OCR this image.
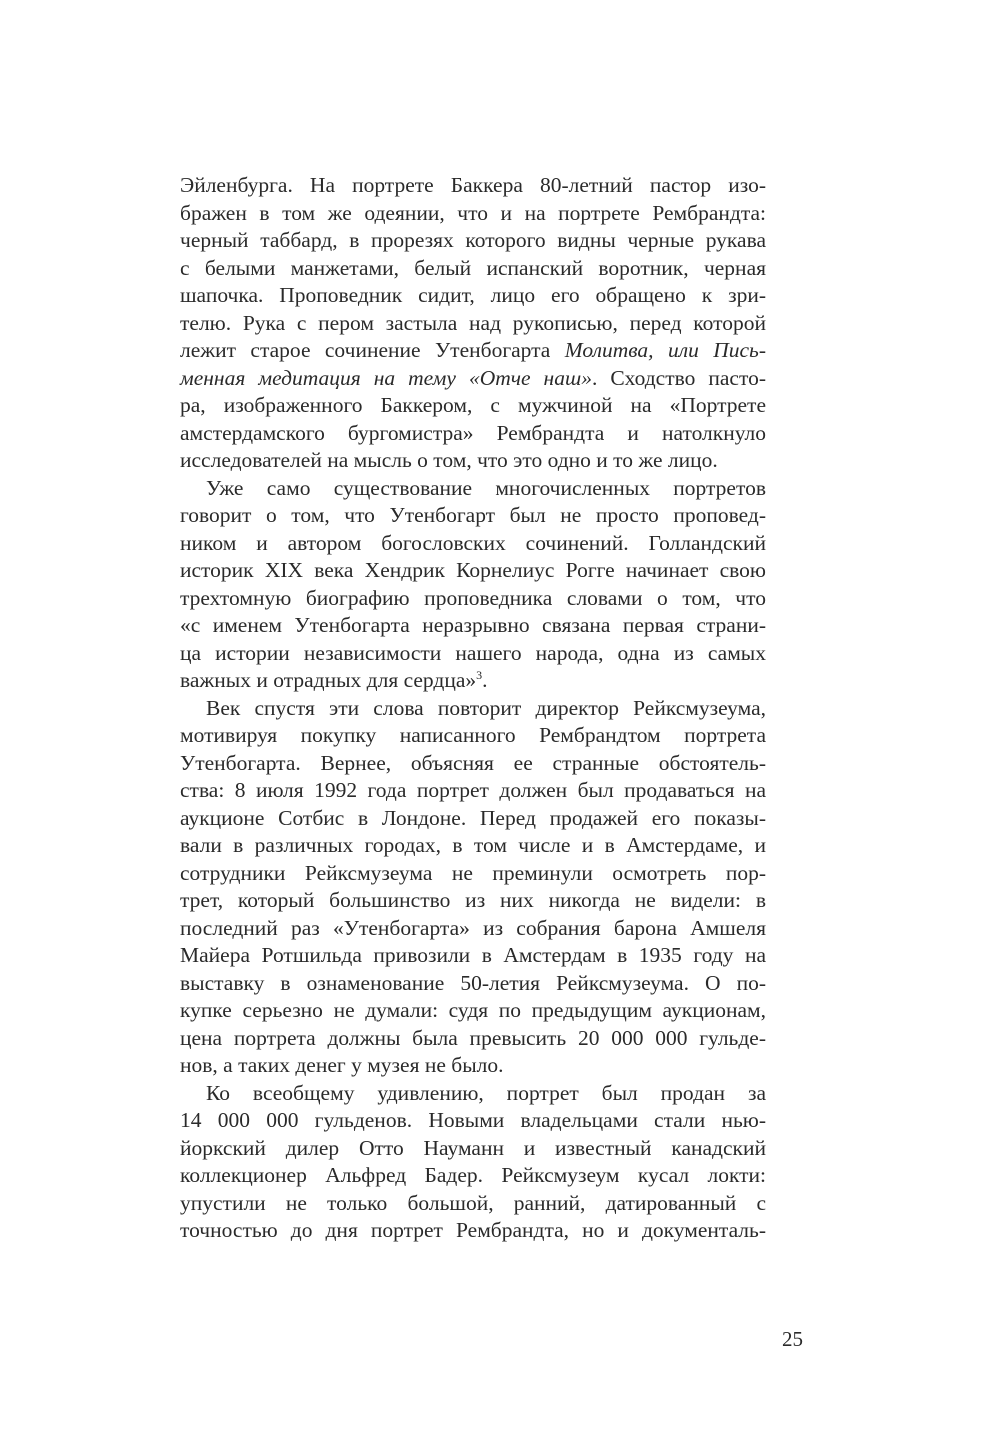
Эйленбурга. На портрете Баккера 80-летний пастор изо-
бражен в том же одеянии, что и на портрете Рембрандта:
черный таббард, в прорезях которого видны черные рукава
с белыми манжетами, белый испанский воротник, черная
шапочка. Проповедник сидит, лицо его обращено к зри-
телю. Рука с пером застыла над рукописью, перед которой
лежит старое сочинение Утенбогарта Молитва, или Пись-
менная медитация на тему «Отче наш». Сходство пасто-
ра, изображенного Баккером, с мужчиной на «Портрете
амстердамского бургомистра» Рембрандта и натолкнуло
исследователей на мысль о том, что это одно и то же лицо.
Уже само существование многочисленных портретов
говорит о том, что Утенбогарт был не просто проповед-
ником и автором богословских сочинений. Голландский
историк XIX века Хендрик Корнелиус Рогге начинает свою
трехтомную биографию проповедника словами о том, что
«с именем Утенбогарта неразрывно связана первая страни-
ца истории независимости нашего народа, одна из самых
важных и отрадных для сердца»$^3$.
Век спустя эти слова повторит директор Рейксмузеума,
мотивируя покупку написанного Рембрандтом портрета
Утенбогарта. Вернее, объясняя ее странные обстоятель-
ства: 8 июля 1992 года портрет должен был продаваться на
аукционе Сотбис в Лондоне. Перед продажей его показы-
вали в различных городах, в том числе и в Амстердаме, и
сотрудники Рейксмузеума не преминули осмотреть пор-
трет, который большинство из них никогда не видели: в
последний раз «Утенбогарта» из собрания барона Амшеля
Майера Ротшильда привозили в Амстердам в 1935 году на
выставку в ознаменование 50-летия Рейксмузеума. О по-
купке серьезно не думали: судя по предыдущим аукционам,
цена портрета должны была превысить 20 000 000 гульде-
нов, а таких денег у музея не было.
Ко всеобщему удивлению, портрет был продан за
14 000 000 гульденов. Новыми владельцами стали нью-
йоркский дилер Отто Науманн и известный канадский
коллекционер Альфред Бадер. Рейксмузеум кусал локти:
упустили не только большой, ранний, датированный с
точностью до дня портрет Рембрандта, но и документаль-
25
